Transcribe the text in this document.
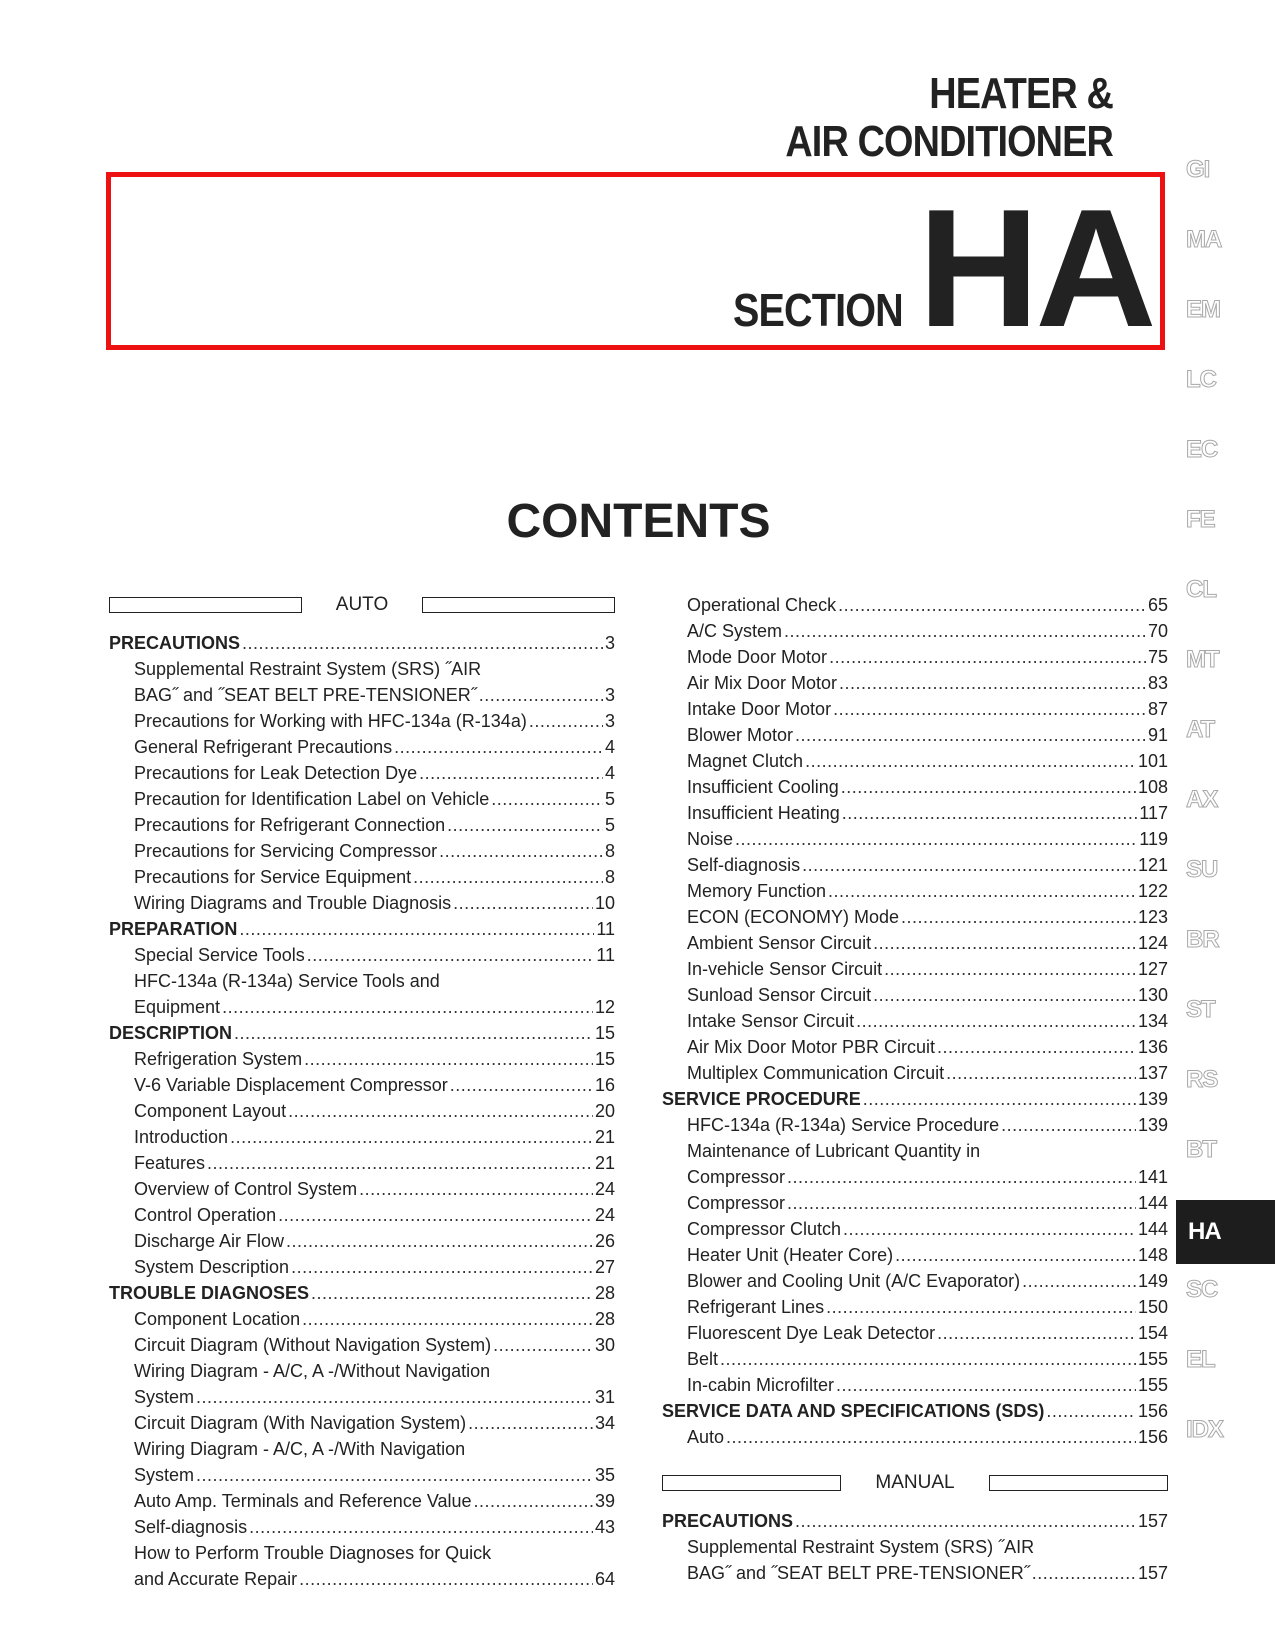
HEATER &
AIR CONDITIONER
SECTION HA
CONTENTS
GI
MA
EM
LC
EC
FE
CL
MT
AT
AX
SU
BR
ST
RS
BT
HA
SC
EL
IDX
AUTO
PRECAUTIONS .....	3
Supplemental Restraint System (SRS) ˝AIR
BAG˝ and ˝SEAT BELT PRE-TENSIONER˝ .....	3
Precautions for Working with HFC-134a (R-134a) .....	3
General Refrigerant Precautions .....	4
Precautions for Leak Detection Dye .....	4
Precaution for Identification Label on Vehicle .....	5
Precautions for Refrigerant Connection .....	5
Precautions for Servicing Compressor .....	8
Precautions for Service Equipment .....	8
Wiring Diagrams and Trouble Diagnosis .....	10
PREPARATION .....	11
Special Service Tools .....	11
HFC-134a (R-134a) Service Tools and
Equipment .....	12
DESCRIPTION .....	15
Refrigeration System .....	15
V-6 Variable Displacement Compressor .....	16
Component Layout .....	20
Introduction .....	21
Features .....	21
Overview of Control System .....	24
Control Operation .....	24
Discharge Air Flow .....	26
System Description .....	27
TROUBLE DIAGNOSES .....	28
Component Location .....	28
Circuit Diagram (Without Navigation System) .....	30
Wiring Diagram - A/C, A -/Without Navigation
System .....	31
Circuit Diagram (With Navigation System) .....	34
Wiring Diagram - A/C, A -/With Navigation
System .....	35
Auto Amp. Terminals and Reference Value .....	39
Self-diagnosis .....	43
How to Perform Trouble Diagnoses for Quick
and Accurate Repair .....	64
Operational Check .....	65
A/C System .....	70
Mode Door Motor .....	75
Air Mix Door Motor .....	83
Intake Door Motor .....	87
Blower Motor .....	91
Magnet Clutch .....	101
Insufficient Cooling .....	108
Insufficient Heating .....	117
Noise .....	119
Self-diagnosis .....	121
Memory Function .....	122
ECON (ECONOMY) Mode .....	123
Ambient Sensor Circuit .....	124
In-vehicle Sensor Circuit .....	127
Sunload Sensor Circuit .....	130
Intake Sensor Circuit .....	134
Air Mix Door Motor PBR Circuit .....	136
Multiplex Communication Circuit .....	137
SERVICE PROCEDURE .....	139
HFC-134a (R-134a) Service Procedure .....	139
Maintenance of Lubricant Quantity in
Compressor .....	141
Compressor .....	144
Compressor Clutch .....	144
Heater Unit (Heater Core) .....	148
Blower and Cooling Unit (A/C Evaporator) .....	149
Refrigerant Lines .....	150
Fluorescent Dye Leak Detector .....	154
Belt .....	155
In-cabin Microfilter .....	155
SERVICE DATA AND SPECIFICATIONS (SDS) .....	156
Auto .....	156
MANUAL
PRECAUTIONS .....	157
Supplemental Restraint System (SRS) ˝AIR
BAG˝ and ˝SEAT BELT PRE-TENSIONER˝ .....	157
